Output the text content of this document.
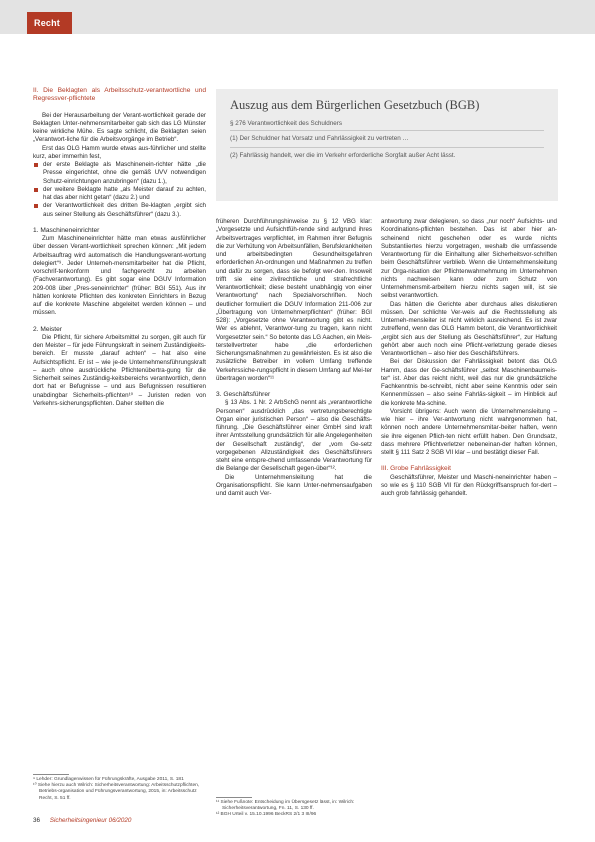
Recht
II. Die Beklagten als Arbeitsschutz-verantwortliche und Regressver-pflichtete

Bei der Herausarbeitung der Verant-wortlichkeit gerade der Beklagten Unter-nehmensmitarbeiter gab sich das LG Münster keine wirkliche Mühe. Es sagte schlicht, die Beklagten seien „Verantwort-liche für die Arbeitsvorgänge im Betrieb“.

Erst das OLG Hamm wurde etwas aus-führlicher und stellte kurz, aber immerhin fest,

der erste Beklagte als Maschinenein-richter hätte „die Presse eingerichtet, ohne die gemäß UVV notwendigen Schutz-einrichtungen anzubringen“ (dazu 1.),
der weitere Beklagte hatte „als Meister darauf zu achten, hat das aber nicht getan“ (dazu 2.) und
der Verantwortlichkeit des dritten Be-klagten „ergibt sich aus seiner Stellung als Geschäftsführer“ (dazu 3.).
1. Maschineneinrichter

Zum Maschineneinrichter hätte man etwas ausführlicher über dessen Verant-wortlichkeit sprechen können: „Mit jedem Arbeitsauftrag wird automatisch die Handlungsverant-wortung delegiert“⁹. Jeder Unterneh-mensmitarbeiter hat die Pflicht, vorschrif-tenkonform und fachgerecht zu arbeiten (Fachverantwortung). Es gibt sogar eine DGUV Information 209-008 über „Pres-seneinrichter“ (früher: BGI 551). Aus ihr hätten konkrete Pflichten des konkreten Einrichters in Bezug auf die konkrete Maschine abgeleitet werden können – und müssen.

2. Meister

Die Pflicht, für sichere Arbeitsmittel zu sorgen, gilt auch für den Meister – für jede Führungskraft in seinem Zuständigkeits-bereich. Er musste „darauf achten“ – hat also eine Aufsichtspflicht. Er ist – wie je-de Unternehmensführungskraft – auch ohne ausdrückliche Pflichtenübertra-gung für die Sicherheit seines Zuständig-keitsbereichs verantwortlich, denn dort hat er Befugnisse – und aus Befugnissen resultieren unabdingbar Sicherheits-pflichten¹⁰ – Juristen reden von Verkehrs-sicherungspflichten. Daher stellten die

⁹ Lehder: Grundlagenwissen für Führungskräfte, Ausgabe 2011, S. 181
¹⁰ Siehe hierzu auch Wilrich: Sicherheitsverantwortung: Arbeitsschutzpflichten, Betriebs-organisation und Führungsverantwortung, 2015, in: Arbeitsschutz Recht, S. 51 ff.
Auszug aus dem Bürgerlichen Gesetzbuch (BGB)
§ 276 Verantwortlichkeit des Schuldners
(1) Der Schuldner hat Vorsatz und Fahrlässigkeit zu vertreten …
(2) Fahrlässig handelt, wer die im Verkehr erforderliche Sorgfalt außer Acht lässt.

früheren Durchführungshinweise zu § 12 VBG klar: „Vorgesetzte und Aufsichtfüh-rende sind aufgrund ihres Arbeitsvertrages verpflichtet, im Rahmen ihrer Befugnis die zur Verhütung von Arbeitsunfällen, Berufskrankheiten und arbeitsbedingten Gesundheitsgefahren erforderlichen An-ordnungen und Maßnahmen zu treffen und dafür zu sorgen, dass sie befolgt wer-den. Insoweit trifft sie eine zivilrechtliche und strafrechtliche Verantwortlichkeit; diese besteht unabhängig von einer Verantwortung“ nach Spezialvorschriften. Noch deutlicher formuliert die DGUV Information 211-006 zur „Übertragung von Unternehmerpflichten“ (früher: BGI 528): „Vorgesetzte ohne Verantwortung gibt es nicht. Wer es ablehnt, Verantwor-tung zu tragen, kann nicht Vorgesetzter sein.“ So betonte das LG Aachen, ein Meis-terstellvertreter habe „die erforderlichen Sicherungsmaßnahmen zu gewährleisten. Es ist also die zusätzliche Betreiber im vollem Umfang treffende Verkehrssiche-rungspflicht in diesem Umfang auf Mei-ter übertragen worden“¹¹

3. Geschäftsführer

§ 13 Abs. 1 Nr. 2 ArbSchG nennt als „verantwortliche Personen“ ausdrücklich „das vertretungsberechtigte Organ einer juristischen Person“ – also die Geschäfts-führung. „Die Geschäftsführer einer GmbH sind kraft ihrer Amtsstellung grundsätzlich für alle Angelegenheiten der Gesellschaft zuständig“, der „vom Ge-setz vorgegebenen Allzuständigkeit des Geschäftsführers steht eine entspre-chend umfassende Verantwortung für die Belange der Gesellschaft gegen-über“¹².

Die Unternehmensleitung hat die Organisationspflicht. Sie kann Unter-nehmensaufgaben und damit auch Ver-

¹¹ Siehe Fußnote: Entscheidung im Übersgesetz lässt, in: Wilrich: Sicherheitsverantwortung, Fn. 11, S. 130 ff.
¹² BGH Urteil v. 15.10.1996 BeckRS 2/1 3 III/96

antwortung zwar delegieren, so dass „nur noch“ Aufsichts- und Koordinations-pflichten bestehen. Das ist aber hier an-scheinend nicht geschehen oder es wurde nichts Substantiiertes hierzu vorgetragen, weshalb die umfassende Verantwortung für die Einhaltung aller Sicherheitsvor-schriften beim Geschäftsführer verblieb. Wenn die Unternehmensleitung zur Orga-nisation der Pflichtenwahrnehmung im Unternehmen nichts nachweisen kann oder zum Schutz von Unternehmensmit-arbeitern hierzu nichts sagen will, ist sie selbst verantwortlich.

Das hätten die Gerichte aber durchaus alles diskutieren müssen. Der schlichte Ver-weis auf die Rechtsstellung als Unterneh-mensleiter ist nicht wirklich ausreichend. Es ist zwar zutreffend, wenn das OLG Hamm betont, die Verantwortlichkeit „ergibt sich aus der Stellung als Geschäftsführer“, zur Haftung gehört aber auch noch eine Pflicht-verletzung gerade dieses Verantwortlichen – also hier des Geschäftsführers.

Bei der Diskussion der Fahrlässigkeit betont das OLG Hamm, dass der Ge-schäftsführer „selbst Maschinenbaumeis-ter“ ist. Aber das reicht nicht, weil das nur die grundsätzliche Fachkenntnis be-schreibt, nicht aber seine Kenntnis oder sein Kennenmüssen – also seine Fahrläs-sigkeit – im Hinblick auf die konkrete Ma-schine.

Vorsicht übrigens: Auch wenn die Unternehmensleitung – wie hier – ihre Ver-antwortung nicht wahrgenommen hat, können noch andere Unternehmensmitar-beiter haften, wenn sie ihre eigenen Pflich-ten nicht erfüllt haben. Den Grundsatz, dass mehrere Pflichtverletzer nebeneinan-der haften können, stellt § 111 Satz 2 SGB VII klar – und bestätigt dieser Fall.

III. Grobe Fahrlässigkeit

Geschäftsführer, Meister und Maschi-neneinrichter haben – so wie es § 110 SGB VII für den Rückgriffsanspruch for-dert – auch grob fahrlässig gehandelt.

36 Sicherheitsingenieur 06/2020
